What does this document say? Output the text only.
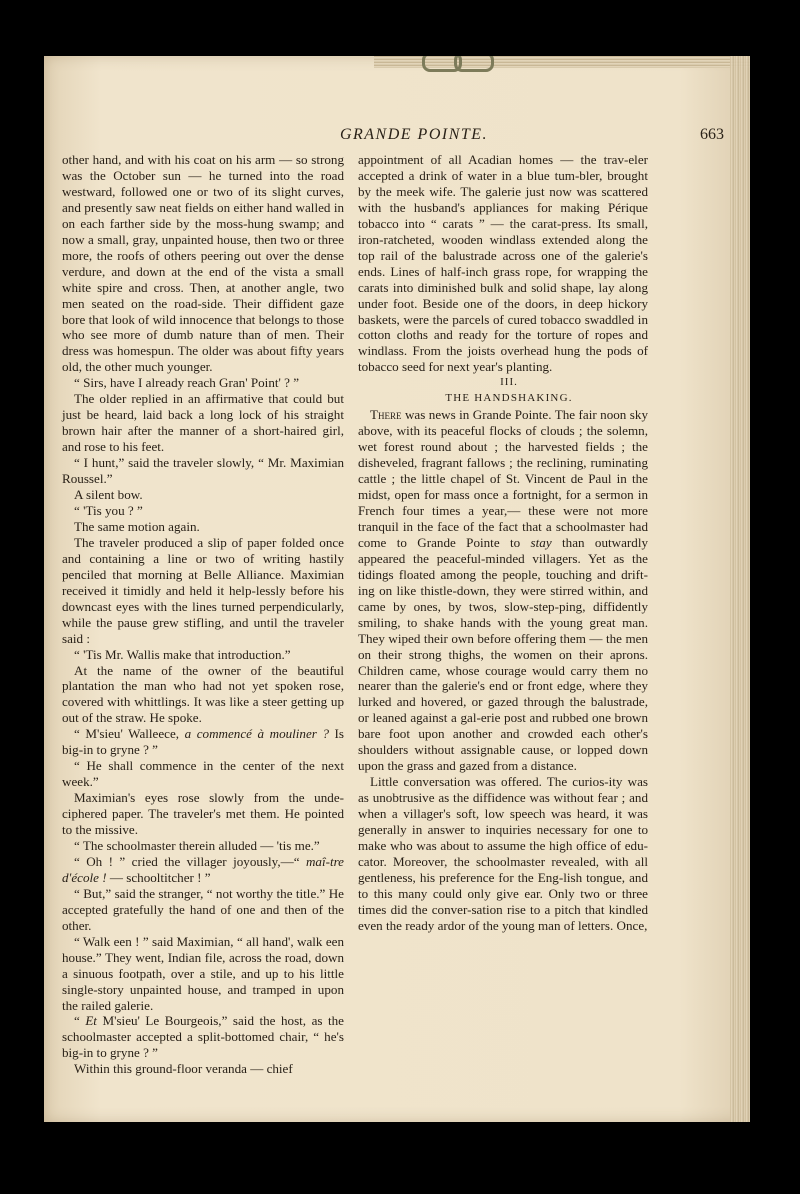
GRANDE POINTE.	663

other hand, and with his coat on his arm — so strong was the October sun — he turned into the road westward, followed one or two of its slight curves, and presently saw neat fields on either hand walled in on each farther side by the moss-hung swamp; and now a small, gray, unpainted house, then two or three more, the roofs of others peering out over the dense verdure, and down at the end of the vista a small white spire and cross. Then, at another angle, two men seated on the road-side. Their diffident gaze bore that look of wild innocence that belongs to those who see more of dumb nature than of men. Their dress was homespun. The older was about fifty years old, the other much younger.

“ Sirs, have I already reach Gran' Point' ? ”

The older replied in an affirmative that could but just be heard, laid back a long lock of his straight brown hair after the manner of a short-haired girl, and rose to his feet.

“ I hunt,” said the traveler slowly, “ Mr. Maximian Roussel.”

A silent bow.

“ 'Tis you ? ”

The same motion again.

The traveler produced a slip of paper folded once and containing a line or two of writing hastily penciled that morning at Belle Alliance. Maximian received it timidly and held it help-lessly before his downcast eyes with the lines turned perpendicularly, while the pause grew stifling, and until the traveler said :

“ 'Tis Mr. Wallis make that introduction.”

At the name of the owner of the beautiful plantation the man who had not yet spoken rose, covered with whittlings. It was like a steer getting up out of the straw. He spoke.

“ M'sieu' Walleece, a commencé à mouliner ? Is big-in to gryne ? ”

“ He shall commence in the center of the next week.”

Maximian's eyes rose slowly from the unde-ciphered paper. The traveler's met them. He pointed to the missive.

“ The schoolmaster therein alluded — 'tis me.”

“ Oh ! ” cried the villager joyously,—“ maî-tre d'école ! — schooltitcher ! ”

“ But,” said the stranger, “ not worthy the title.” He accepted gratefully the hand of one and then of the other.

“ Walk een ! ” said Maximian, “ all hand', walk een house.” They went, Indian file, across the road, down a sinuous footpath, over a stile, and up to his little single-story unpainted house, and tramped in upon the railed galerie.

“ Et M'sieu' Le Bourgeois,” said the host, as the schoolmaster accepted a split-bottomed chair, “ he's big-in to gryne ? ”

Within this ground-floor veranda — chief

appointment of all Acadian homes — the trav-eler accepted a drink of water in a blue tum-bler, brought by the meek wife. The galerie just now was scattered with the husband's appliances for making Périque tobacco into “ carats ” — the carat-press. Its small, iron-ratcheted, wooden windlass extended along the top rail of the balustrade across one of the galerie's ends. Lines of half-inch grass rope, for wrapping the carats into diminished bulk and solid shape, lay along under foot. Beside one of the doors, in deep hickory baskets, were the parcels of cured tobacco swaddled in cotton cloths and ready for the torture of ropes and windlass. From the joists overhead hung the pods of tobacco seed for next year's planting.

III.

THE HANDSHAKING.

There was news in Grande Pointe. The fair noon sky above, with its peaceful flocks of clouds ; the solemn, wet forest round about ; the harvested fields ; the disheveled, fragrant fallows ; the reclining, ruminating cattle ; the little chapel of St. Vincent de Paul in the midst, open for mass once a fortnight, for a sermon in French four times a year,— these were not more tranquil in the face of the fact that a schoolmaster had come to Grande Pointe to stay than outwardly appeared the peaceful-minded villagers. Yet as the tidings floated among the people, touching and drift-ing on like thistle-down, they were stirred within, and came by ones, by twos, slow-step-ping, diffidently smiling, to shake hands with the young great man. They wiped their own before offering them — the men on their strong thighs, the women on their aprons. Children came, whose courage would carry them no nearer than the galerie's end or front edge, where they lurked and hovered, or gazed through the balustrade, or leaned against a gal-erie post and rubbed one brown bare foot upon another and crowded each other's shoulders without assignable cause, or lopped down upon the grass and gazed from a distance.

Little conversation was offered. The curios-ity was as unobtrusive as the diffidence was without fear ; and when a villager's soft, low speech was heard, it was generally in answer to inquiries necessary for one to make who was about to assume the high office of edu-cator. Moreover, the schoolmaster revealed, with all gentleness, his preference for the Eng-lish tongue, and to this many could only give ear. Only two or three times did the conver-sation rise to a pitch that kindled even the ready ardor of the young man of letters. Once,
